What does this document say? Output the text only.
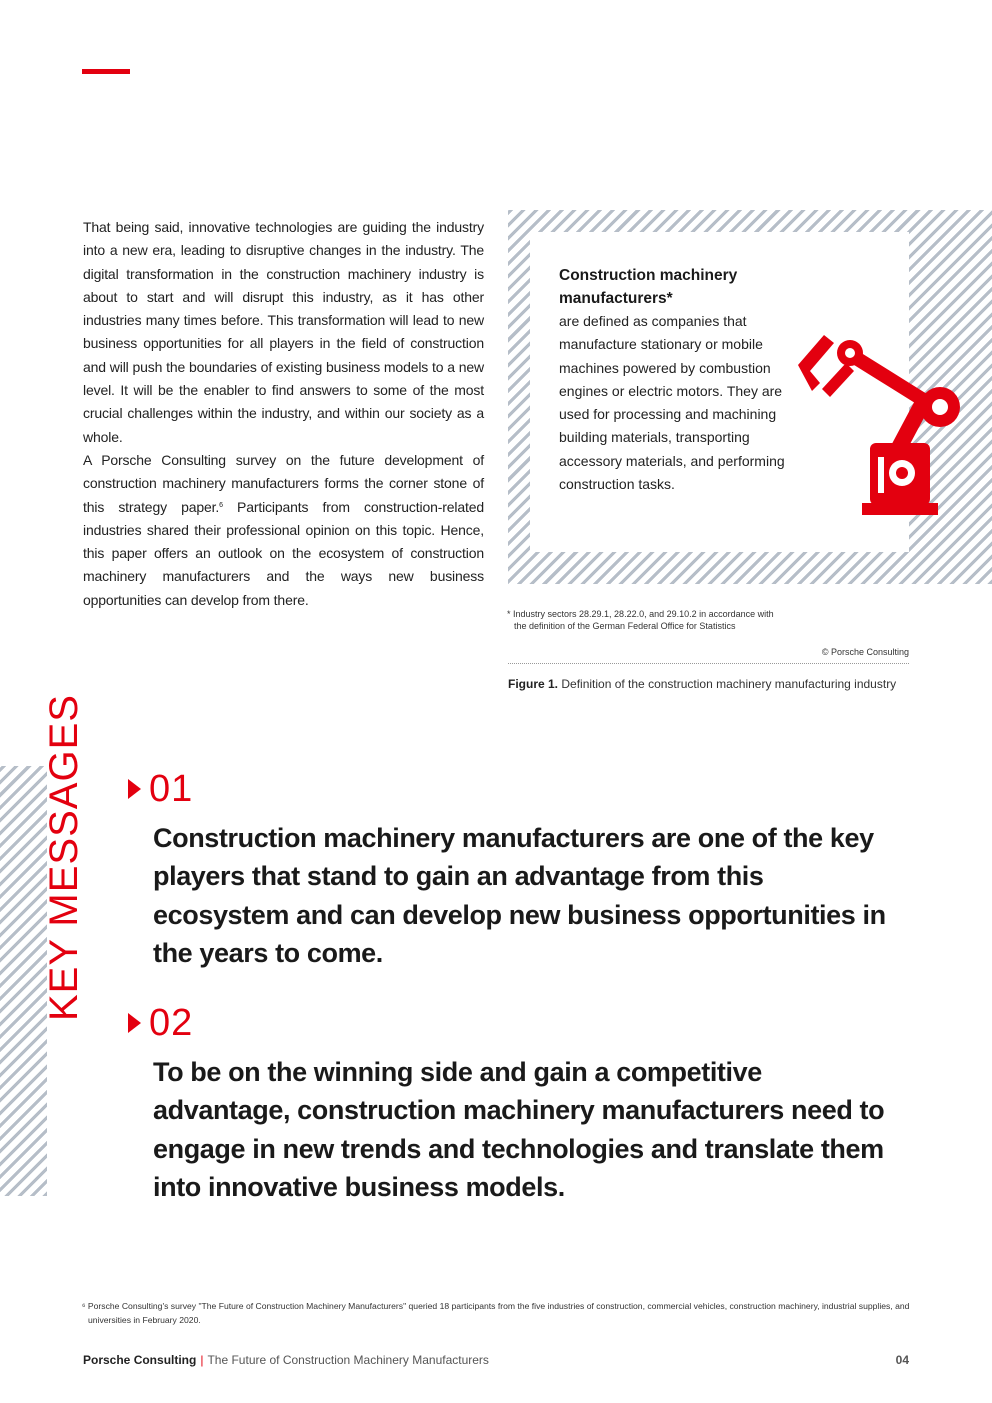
That being said, innovative technologies are guiding the industry into a new era, leading to disruptive changes in the industry. The digital transformation in the construction machinery industry is about to start and will disrupt this industry, as it has other industries many times before. This transformation will lead to new business opportunities for all players in the field of construction and will push the boundaries of existing business models to a new level. It will be the enabler to find answers to some of the most crucial challenges within the industry, and within our society as a whole.

A Porsche Consulting survey on the future development of construction machinery manufacturers forms the corner stone of this strategy paper.$^6$ Participants from construction-related industries shared their professional opinion on this topic. Hence, this paper offers an outlook on the ecosystem of construction machinery manufacturers and the ways new business opportunities can develop from there.

Construction machinery manufacturers*
are defined as companies that manufacture stationary or mobile machines powered by combustion engines or electric motors. They are used for processing and machining building materials, transporting accessory materials, and performing construction tasks.
* Industry sectors 28.29.1, 28.22.0, and 29.10.2 in accordance with
the definition of the German Federal Office for Statistics
© Porsche Consulting
Figure 1. Definition of the construction machinery manufacturing industry
KEY MESSAGES 01
Construction machinery manufacturers are one of the key players that stand to gain an advantage from this ecosystem and can develop new business opportunities in the years to come.
02
To be on the winning side and gain a competitive advantage, construction machinery manufacturers need to engage in new trends and technologies and translate them into innovative business models.
⁶ Porsche Consulting's survey "The Future of Construction Machinery Manufacturers" queried 18 participants from the five industries of construction, commercial vehicles, construction machinery, industrial supplies, and
universities in February 2020.
Porsche Consulting | The Future of Construction Machinery Manufacturers	04
